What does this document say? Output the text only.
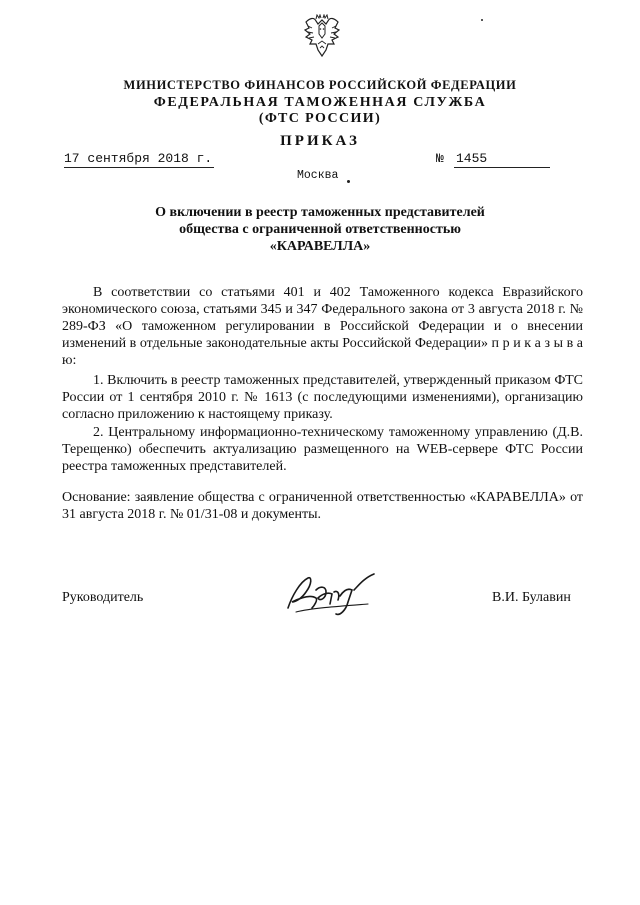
МИНИСТЕРСТВО ФИНАНСОВ РОССИЙСКОЙ ФЕДЕРАЦИИ
ФЕДЕРАЛЬНАЯ ТАМОЖЕННАЯ СЛУЖБА
(ФТС РОССИИ)
ПРИКАЗ
17 сентября 2018 г.	№ 1455
Москва
О включении в реестр таможенных представителей
общества с ограниченной ответственностью
«КАРАВЕЛЛА»
В соответствии со статьями 401 и 402 Таможенного кодекса Евразийского экономического союза, статьями 345 и 347 Федерального закона от 3 августа 2018 г. № 289-ФЗ «О таможенном регулировании в Российской Федерации и о внесении изменений в отдельные законодательные акты Российской Федерации» п р и к а з ы в а ю:
1. Включить в реестр таможенных представителей, утвержденный приказом ФТС России от 1 сентября 2010 г. № 1613 (с последующими изменениями), организацию согласно приложению к настоящему приказу.
2. Центральному информационно-техническому таможенному управлению (Д.В. Терещенко) обеспечить актуализацию размещенного на WEB-сервере ФТС России реестра таможенных представителей.
Основание: заявление общества с ограниченной ответственностью «КАРАВЕЛЛА» от 31 августа 2018 г. № 01/31-08 и документы.
Руководитель	В.И. Булавин
